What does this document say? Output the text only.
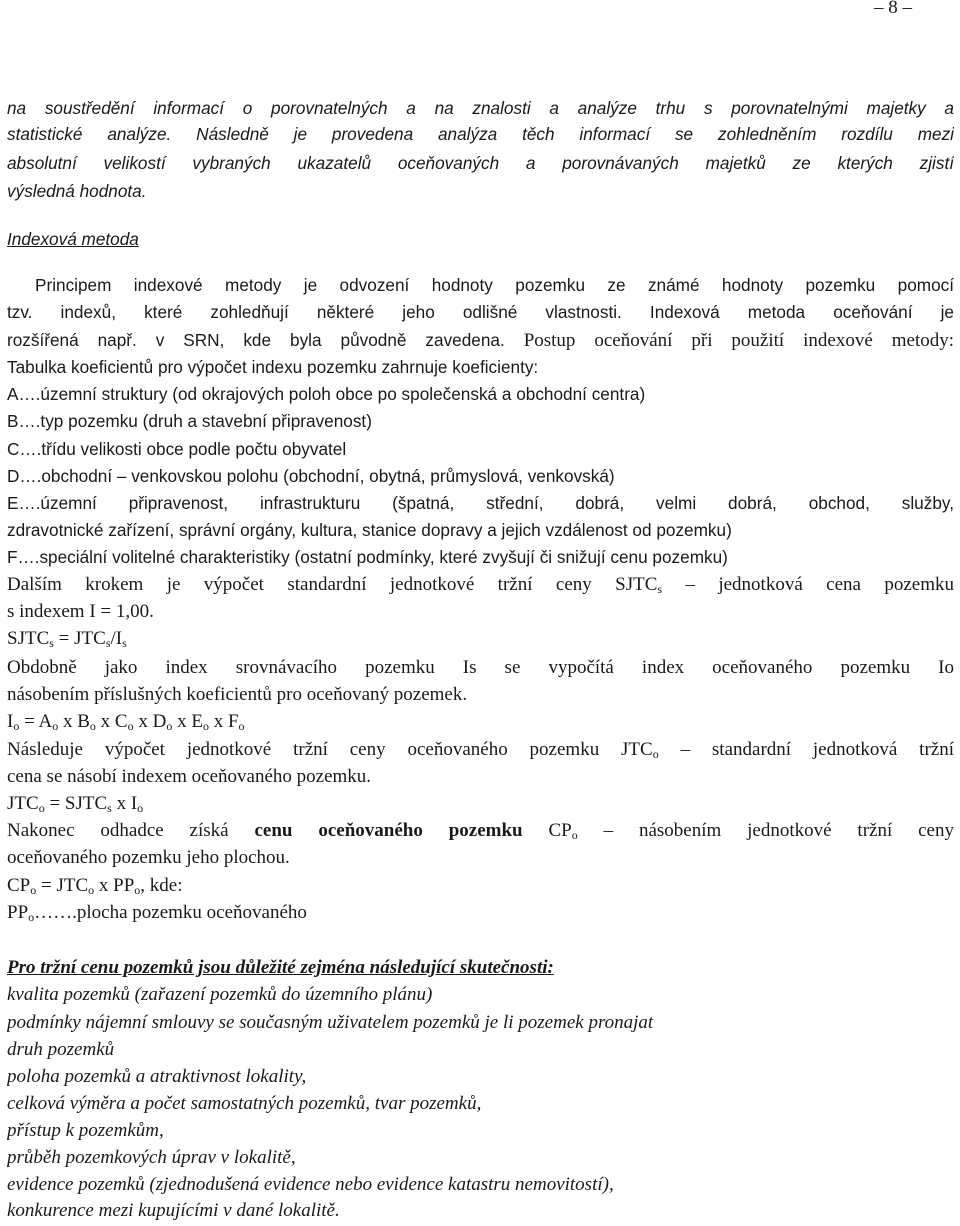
– 8 –
na soustředění informací o porovnatelných a na znalosti a analýze trhu s porovnatelnými majetky a
statistické analýze. Následně je provedena analýza těch informací se zohledněním rozdílu mezi
absolutní velikostí vybraných ukazatelů oceňovaných a porovnávaných majetků ze kterých zjistí
výsledná hodnota.
Indexová metoda
Principem indexové metody je odvození hodnoty pozemku ze známé hodnoty pozemku pomocí
tzv. indexů, které zohledňují některé jeho odlišné vlastnosti. Indexová metoda oceňování je
rozšířená např. v SRN, kde byla původně zavedena. Postup oceňování při použití indexové metody:
Tabulka koeficientů pro výpočet indexu pozemku zahrnuje koeficienty:
A….územní struktury (od okrajových poloh obce po společenská a obchodní centra)
B….typ pozemku (druh a stavební připravenost)
C….třídu velikosti obce podle počtu obyvatel
D….obchodní – venkovskou polohu (obchodní, obytná, průmyslová, venkovská)
E….územní připravenost, infrastrukturu (špatná, střední, dobrá, velmi dobrá, obchod, služby,
zdravotnické zařízení, správní orgány, kultura, stanice dopravy a jejich vzdálenost od pozemku)
F….speciální volitelné charakteristiky (ostatní podmínky, které zvyšují či snižují cenu pozemku)
Dalším krokem je výpočet standardní jednotkové tržní ceny $SJTC_s$ – jednotková cena pozemku
s indexem I = 1,00.
$SJTC_s = JTC_s/I_s$
Obdobně jako index srovnávacího pozemku Is se vypočítá index oceňovaného pozemku Io
násobením příslušných koeficientů pro oceňovaný pozemek.
$I_o = A_o$ x $B_o$ x $C_o$ x $D_o$ x $E_o$ x $F_o$
Následuje výpočet jednotkové tržní ceny oceňovaného pozemku $JTC_o$ – standardní jednotková tržní
cena se násobí indexem oceňovaného pozemku.
$JTC_o$ = $SJTC_s$ x $I_o$
Nakonec odhadce získá cenu oceňovaného pozemku $CP_o$ – násobením jednotkové tržní ceny
oceňovaného pozemku jeho plochou.
$CP_o = JTC_o$ x $PP_o$, kde:
$PP_o\dots\dots.plocha$ pozemku oceňovaného
Pro tržní cenu pozemků jsou důležité zejména následující skutečnosti:
kvalita pozemků (zařazení pozemků do územního plánu)
podmínky nájemní smlouvy se současným uživatelem pozemků je li pozemek pronajat
druh pozemků
poloha pozemků a atraktivnost lokality,
celková výměra a počet samostatných pozemků, tvar pozemků,
přístup k pozemkům,
průběh pozemkových úprav v lokalitě,
evidence pozemků (zjednodušená evidence nebo evidence katastru nemovitostí),
konkurence mezi kupujícími v dané lokalitě.
